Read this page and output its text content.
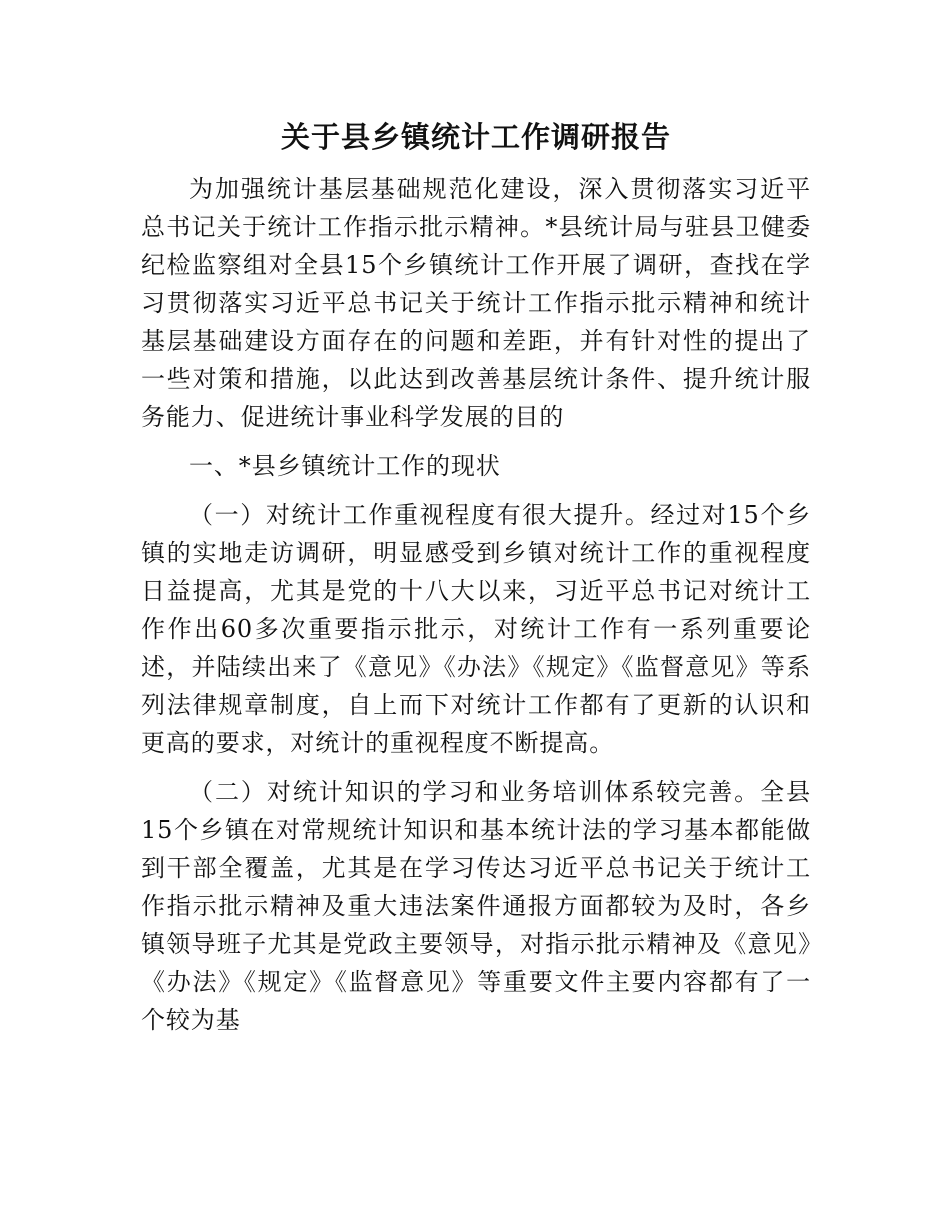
关于县乡镇统计工作调研报告

为加强统计基层基础规范化建设，深入贯彻落实习近平总书记关于统计工作指示批示精神。*县统计局与驻县卫健委纪检监察组对全县15个乡镇统计工作开展了调研，查找在学习贯彻落实习近平总书记关于统计工作指示批示精神和统计基层基础建设方面存在的问题和差距，并有针对性的提出了一些对策和措施，以此达到改善基层统计条件、提升统计服务能力、促进统计事业科学发展的目的

一、*县乡镇统计工作的现状

（一）对统计工作重视程度有很大提升。经过对15个乡镇的实地走访调研，明显感受到乡镇对统计工作的重视程度日益提高，尤其是党的十八大以来，习近平总书记对统计工作作出60多次重要指示批示，对统计工作有一系列重要论述，并陆续出来了《意见》《办法》《规定》《监督意见》等系列法律规章制度，自上而下对统计工作都有了更新的认识和更高的要求，对统计的重视程度不断提高。

（二）对统计知识的学习和业务培训体系较完善。全县15个乡镇在对常规统计知识和基本统计法的学习基本都能做到干部全覆盖，尤其是在学习传达习近平总书记关于统计工作指示批示精神及重大违法案件通报方面都较为及时，各乡镇领导班子尤其是党政主要领导，对指示批示精神及《意见》《办法》《规定》《监督意见》等重要文件主要内容都有了一个较为基
